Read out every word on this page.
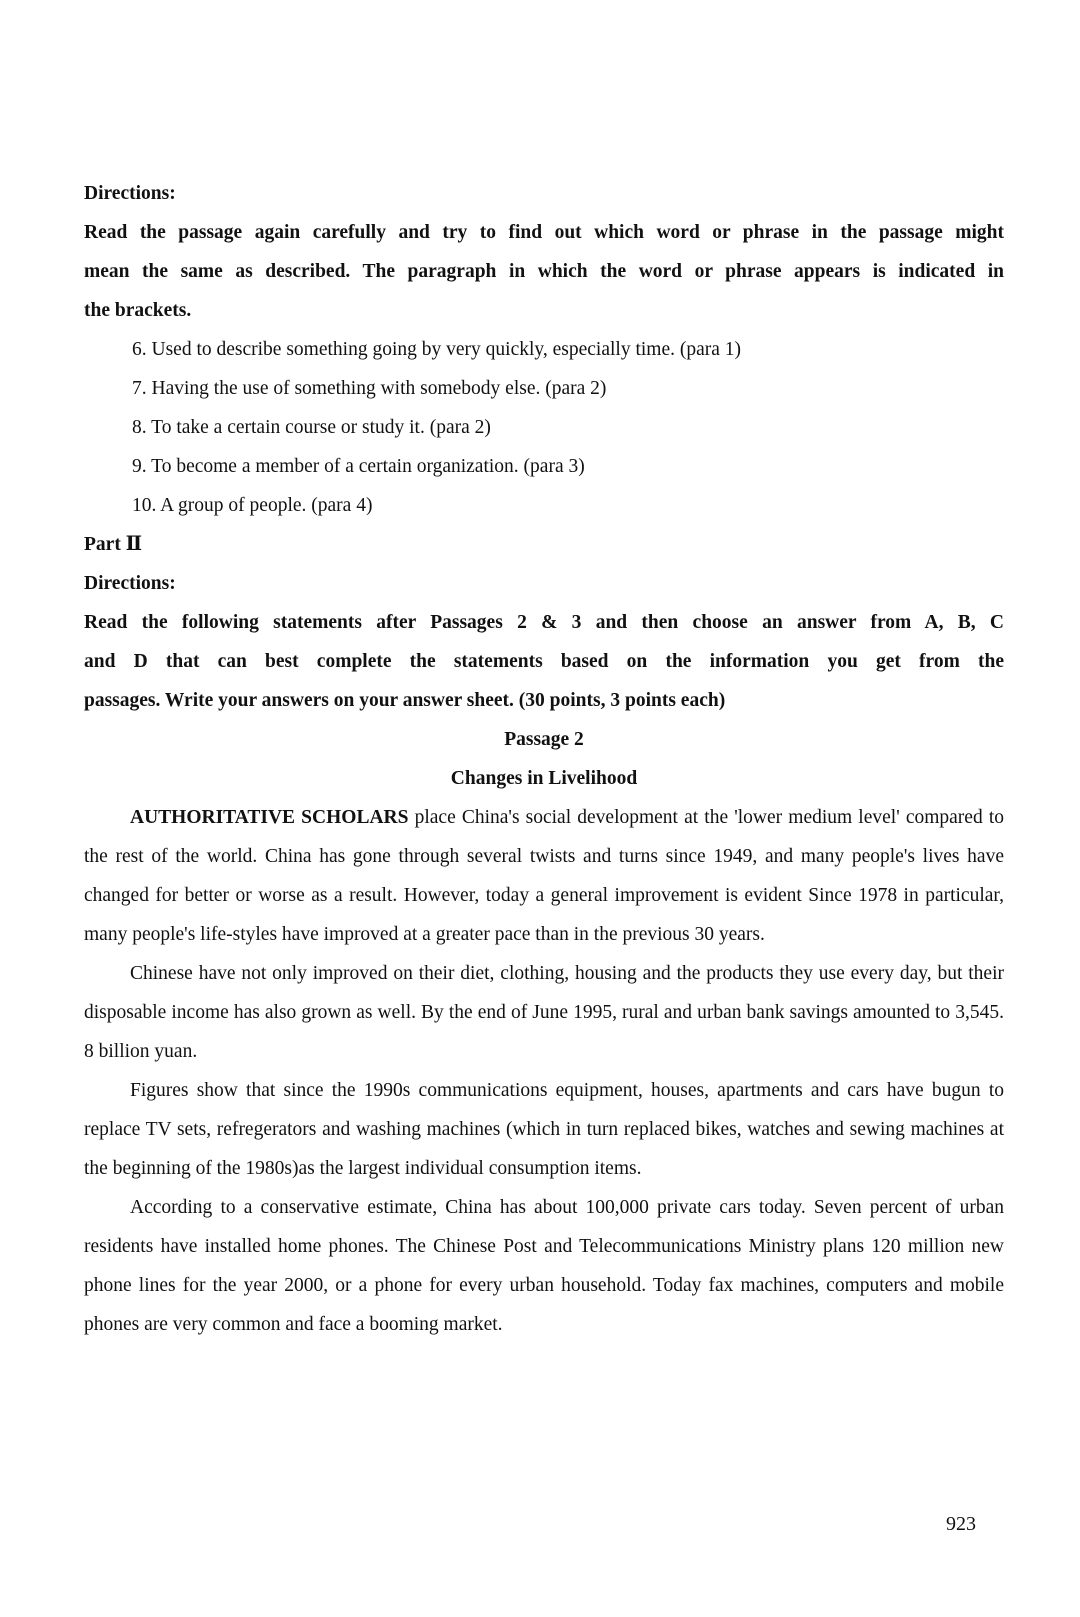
Directions:
Read the passage again carefully and try to find out which word or phrase in the passage might
mean the same as described. The paragraph in which the word or phrase appears is indicated in
the brackets.
6. Used to describe something going by very quickly, especially time. (para 1)
7. Having the use of something with somebody else. (para 2)
8. To take a certain course or study it. (para 2)
9. To become a member of a certain organization. (para 3)
10. A group of people. (para 4)
Part Ⅱ
Directions:
Read the following statements after Passages 2 & 3 and then choose an answer from A, B, C
and D that can best complete the statements based on the information you get from the
passages. Write your answers on your answer sheet. (30 points, 3 points each)
Passage 2
Changes in Livelihood

AUTHORITATIVE SCHOLARS place China's social development at the 'lower medium level' compared to the rest of the world. China has gone through several twists and turns since 1949, and many people's lives have changed for better or worse as a result. However, today a general improvement is evident Since 1978 in particular, many people's life-styles have improved at a greater pace than in the previous 30 years.

Chinese have not only improved on their diet, clothing, housing and the products they use every day, but their disposable income has also grown as well. By the end of June 1995, rural and urban bank savings amounted to 3,545. 8 billion yuan.

Figures show that since the 1990s communications equipment, houses, apartments and cars have bugun to replace TV sets, refregerators and washing machines (which in turn replaced bikes, watches and sewing machines at the beginning of the 1980s)as the largest individual consumption items.

According to a conservative estimate, China has about 100,000 private cars today. Seven percent of urban residents have installed home phones. The Chinese Post and Telecommunications Ministry plans 120 million new phone lines for the year 2000, or a phone for every urban household. Today fax machines, computers and mobile phones are very common and face a booming market.

923
